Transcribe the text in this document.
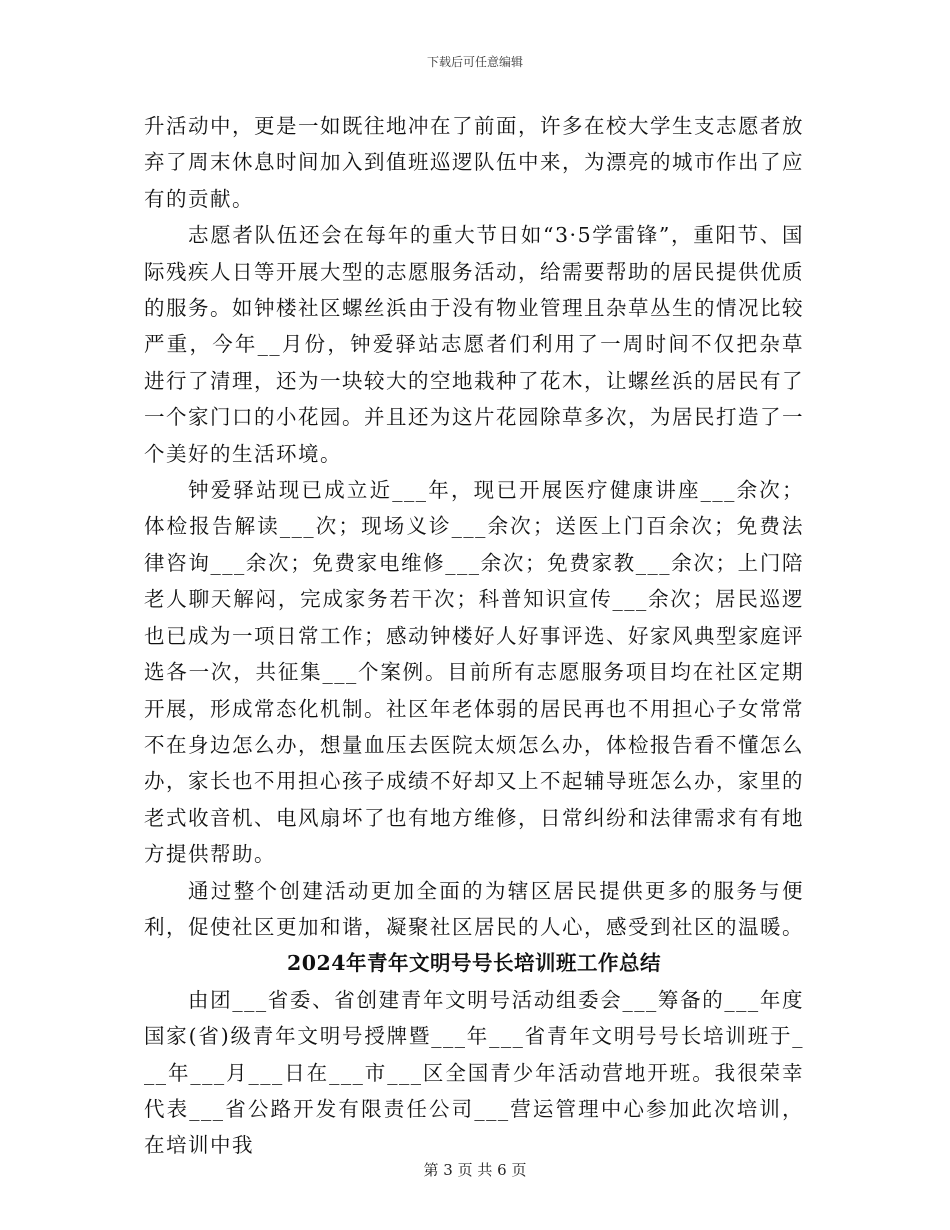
下载后可任意编辑

升活动中，更是一如既往地冲在了前面，许多在校大学生支志愿者放弃了周末休息时间加入到值班巡逻队伍中来，为漂亮的城市作出了应有的贡献。

志愿者队伍还会在每年的重大节日如“3·5学雷锋”，重阳节、国际残疾人日等开展大型的志愿服务活动，给需要帮助的居民提供优质的服务。如钟楼社区螺丝浜由于没有物业管理且杂草丛生的情况比较严重，今年__月份，钟爱驿站志愿者们利用了一周时间不仅把杂草进行了清理，还为一块较大的空地栽种了花木，让螺丝浜的居民有了一个家门口的小花园。并且还为这片花园除草多次，为居民打造了一个美好的生活环境。

钟爱驿站现已成立近___年，现已开展医疗健康讲座___余次；体检报告解读___次；现场义诊___余次；送医上门百余次；免费法律咨询___余次；免费家电维修___余次；免费家教___余次；上门陪老人聊天解闷，完成家务若干次；科普知识宣传___余次；居民巡逻也已成为一项日常工作；感动钟楼好人好事评选、好家风典型家庭评选各一次，共征集___个案例。目前所有志愿服务项目均在社区定期开展，形成常态化机制。社区年老体弱的居民再也不用担心子女常常不在身边怎么办，想量血压去医院太烦怎么办，体检报告看不懂怎么办，家长也不用担心孩子成绩不好却又上不起辅导班怎么办，家里的老式收音机、电风扇坏了也有地方维修，日常纠纷和法律需求有有地方提供帮助。

通过整个创建活动更加全面的为辖区居民提供更多的服务与便利，促使社区更加和谐，凝聚社区居民的人心，感受到社区的温暖。

2024年青年文明号号长培训班工作总结

由团___省委、省创建青年文明号活动组委会___筹备的___年度国家(省)级青年文明号授牌暨___年___省青年文明号号长培训班于___年___月___日在___市___区全国青少年活动营地开班。我很荣幸代表___省公路开发有限责任公司___营运管理中心参加此次培训，在培训中我

第 3 页 共 6 页
